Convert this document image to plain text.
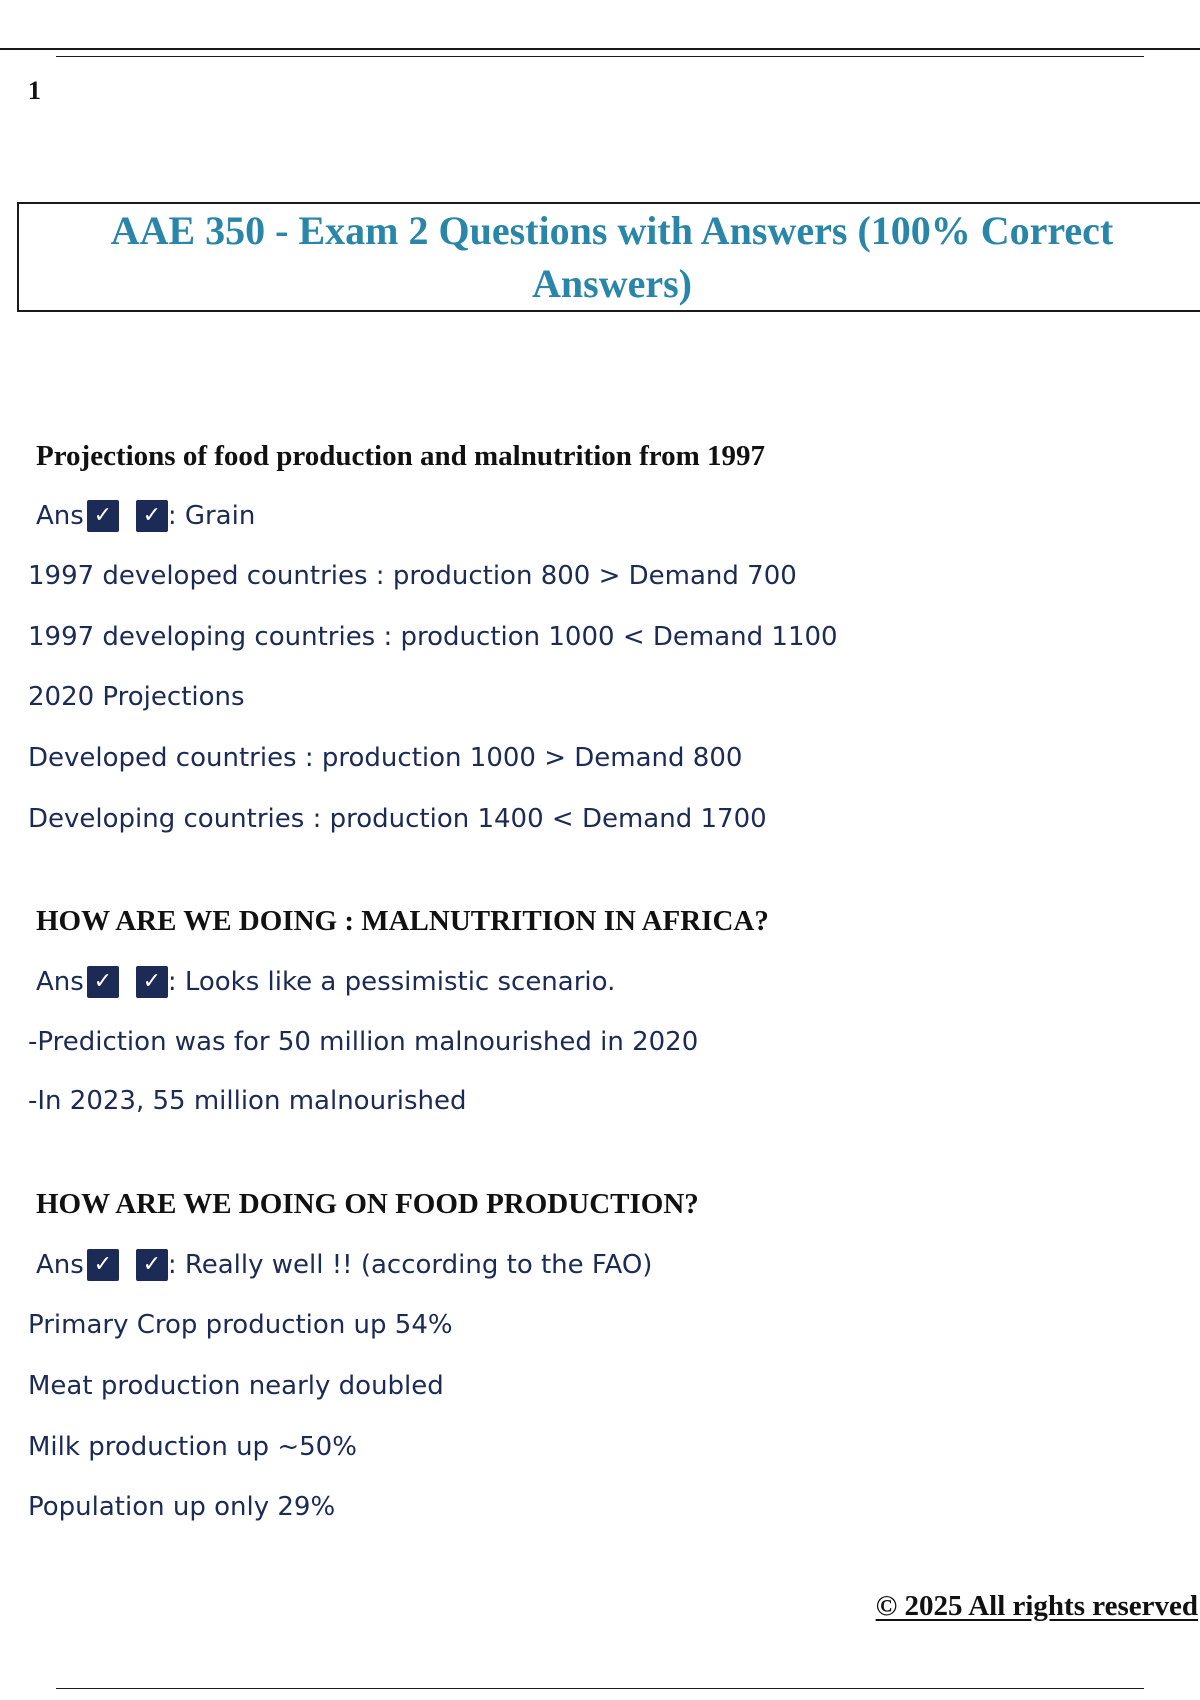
1
AAE 350 - Exam 2 Questions with Answers (100% Correct Answers)
Projections of food production and malnutrition from 1997
Ans ✓	✓ : Grain
1997 developed countries : production 800 > Demand 700
1997 developing countries : production 1000 < Demand 1100
2020 Projections
Developed countries : production 1000 > Demand 800
Developing countries : production 1400 < Demand 1700
HOW ARE WE DOING : MALNUTRITION IN AFRICA?
Ans ✓	✓ : Looks like a pessimistic scenario.
-Prediction was for 50 million malnourished in 2020
-In 2023, 55 million malnourished
HOW ARE WE DOING ON FOOD PRODUCTION?
Ans ✓	✓ : Really well !! (according to the FAO)
Primary Crop production up 54%
Meat production nearly doubled
Milk production up ~50%
Population up only 29%
© 2025 All rights reserved
